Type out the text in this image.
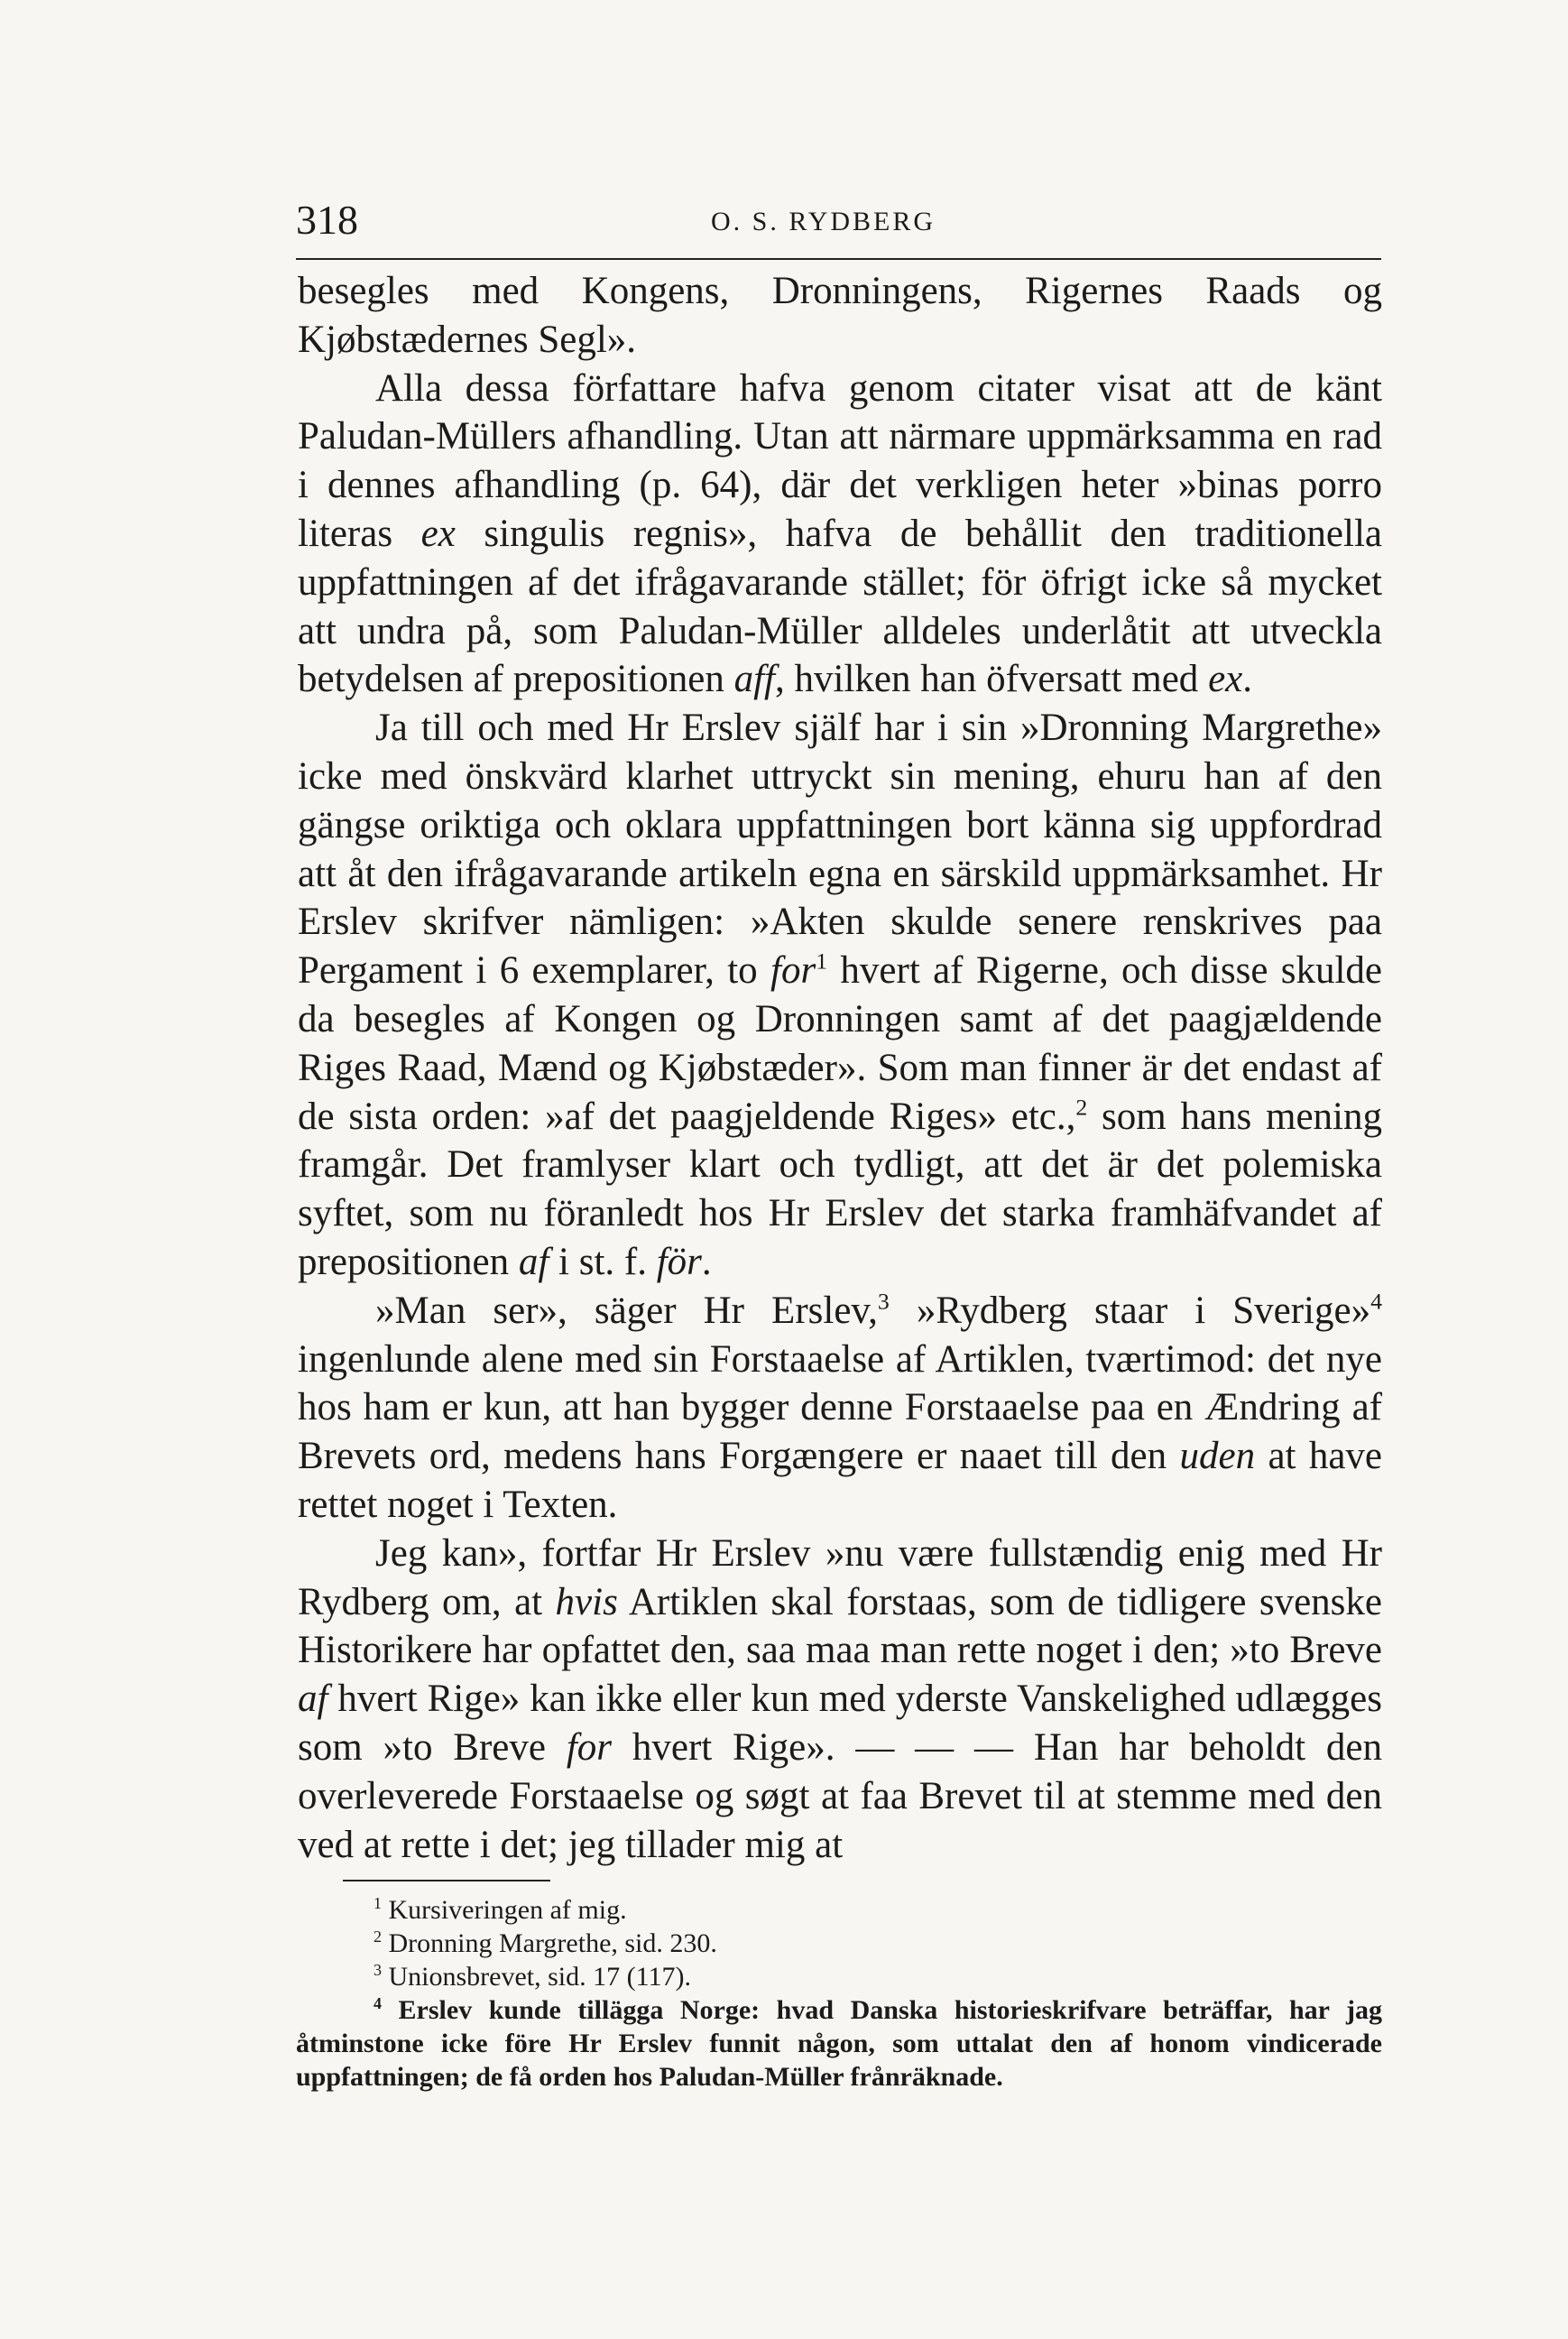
318	O. S. RYDBERG

besegles med Kongens, Dronningens, Rigernes Raads og Kjøbstædernes Segl».

Alla dessa författare hafva genom citater visat att de känt Paludan-Müllers afhandling. Utan att närmare uppmärksamma en rad i dennes afhandling (p. 64), där det verkligen heter »binas porro literas ex singulis regnis», hafva de behållit den traditionella uppfattningen af det ifrågavarande stället; för öfrigt icke så mycket att undra på, som Paludan-Müller alldeles underlåtit att utveckla betydelsen af prepositionen aff, hvilken han öfversatt med ex.

Ja till och med Hr Erslev själf har i sin »Dronning Margrethe» icke med önskvärd klarhet uttryckt sin mening, ehuru han af den gängse oriktiga och oklara uppfattningen bort känna sig uppfordrad att åt den ifrågavarande artikeln egna en särskild uppmärksamhet. Hr Erslev skrifver nämligen: »Akten skulde senere renskrives paa Pergament i 6 exemplarer, to for$^1$ hvert af Rigerne, och disse skulde da besegles af Kongen og Dronningen samt af det paagjældende Riges Raad, Mænd og Kjøbstæder». Som man finner är det endast af de sista orden: »af det paagjeldende Riges» etc.,$^2$ som hans mening framgår. Det framlyser klart och tydligt, att det är det polemiska syftet, som nu föranledt hos Hr Erslev det starka framhäfvandet af prepositionen af i st. f. för.

»Man ser», säger Hr Erslev,$^3$ »Rydberg staar i Sverige»$^4$ ingenlunde alene med sin Forstaaelse af Artiklen, tværtimod: det nye hos ham er kun, att han bygger denne Forstaaelse paa en Ændring af Brevets ord, medens hans Forgængere er naaet till den uden at have rettet noget i Texten.

Jeg kan», fortfar Hr Erslev »nu være fullstændig enig med Hr Rydberg om, at hvis Artiklen skal forstaas, som de tidligere svenske Historikere har opfattet den, saa maa man rette noget i den; »to Breve af hvert Rige» kan ikke eller kun med yderste Vanskelighed udlægges som »to Breve for hvert Rige». — — — Han har beholdt den overleverede Forstaaelse og søgt at faa Brevet til at stemme med den ved at rette i det; jeg tillader mig at

$^1$ Kursiveringen af mig.

$^2$ Dronning Margrethe, sid. 230.

$^3$ Unionsbrevet, sid. 17 (117).

$^4$ Erslev kunde tillägga Norge: hvad Danska historieskrifvare beträffar, har jag åtminstone icke före Hr Erslev funnit någon, som uttalat den af honom vindicerade uppfattningen; de få orden hos Paludan-Müller frånräknade.
